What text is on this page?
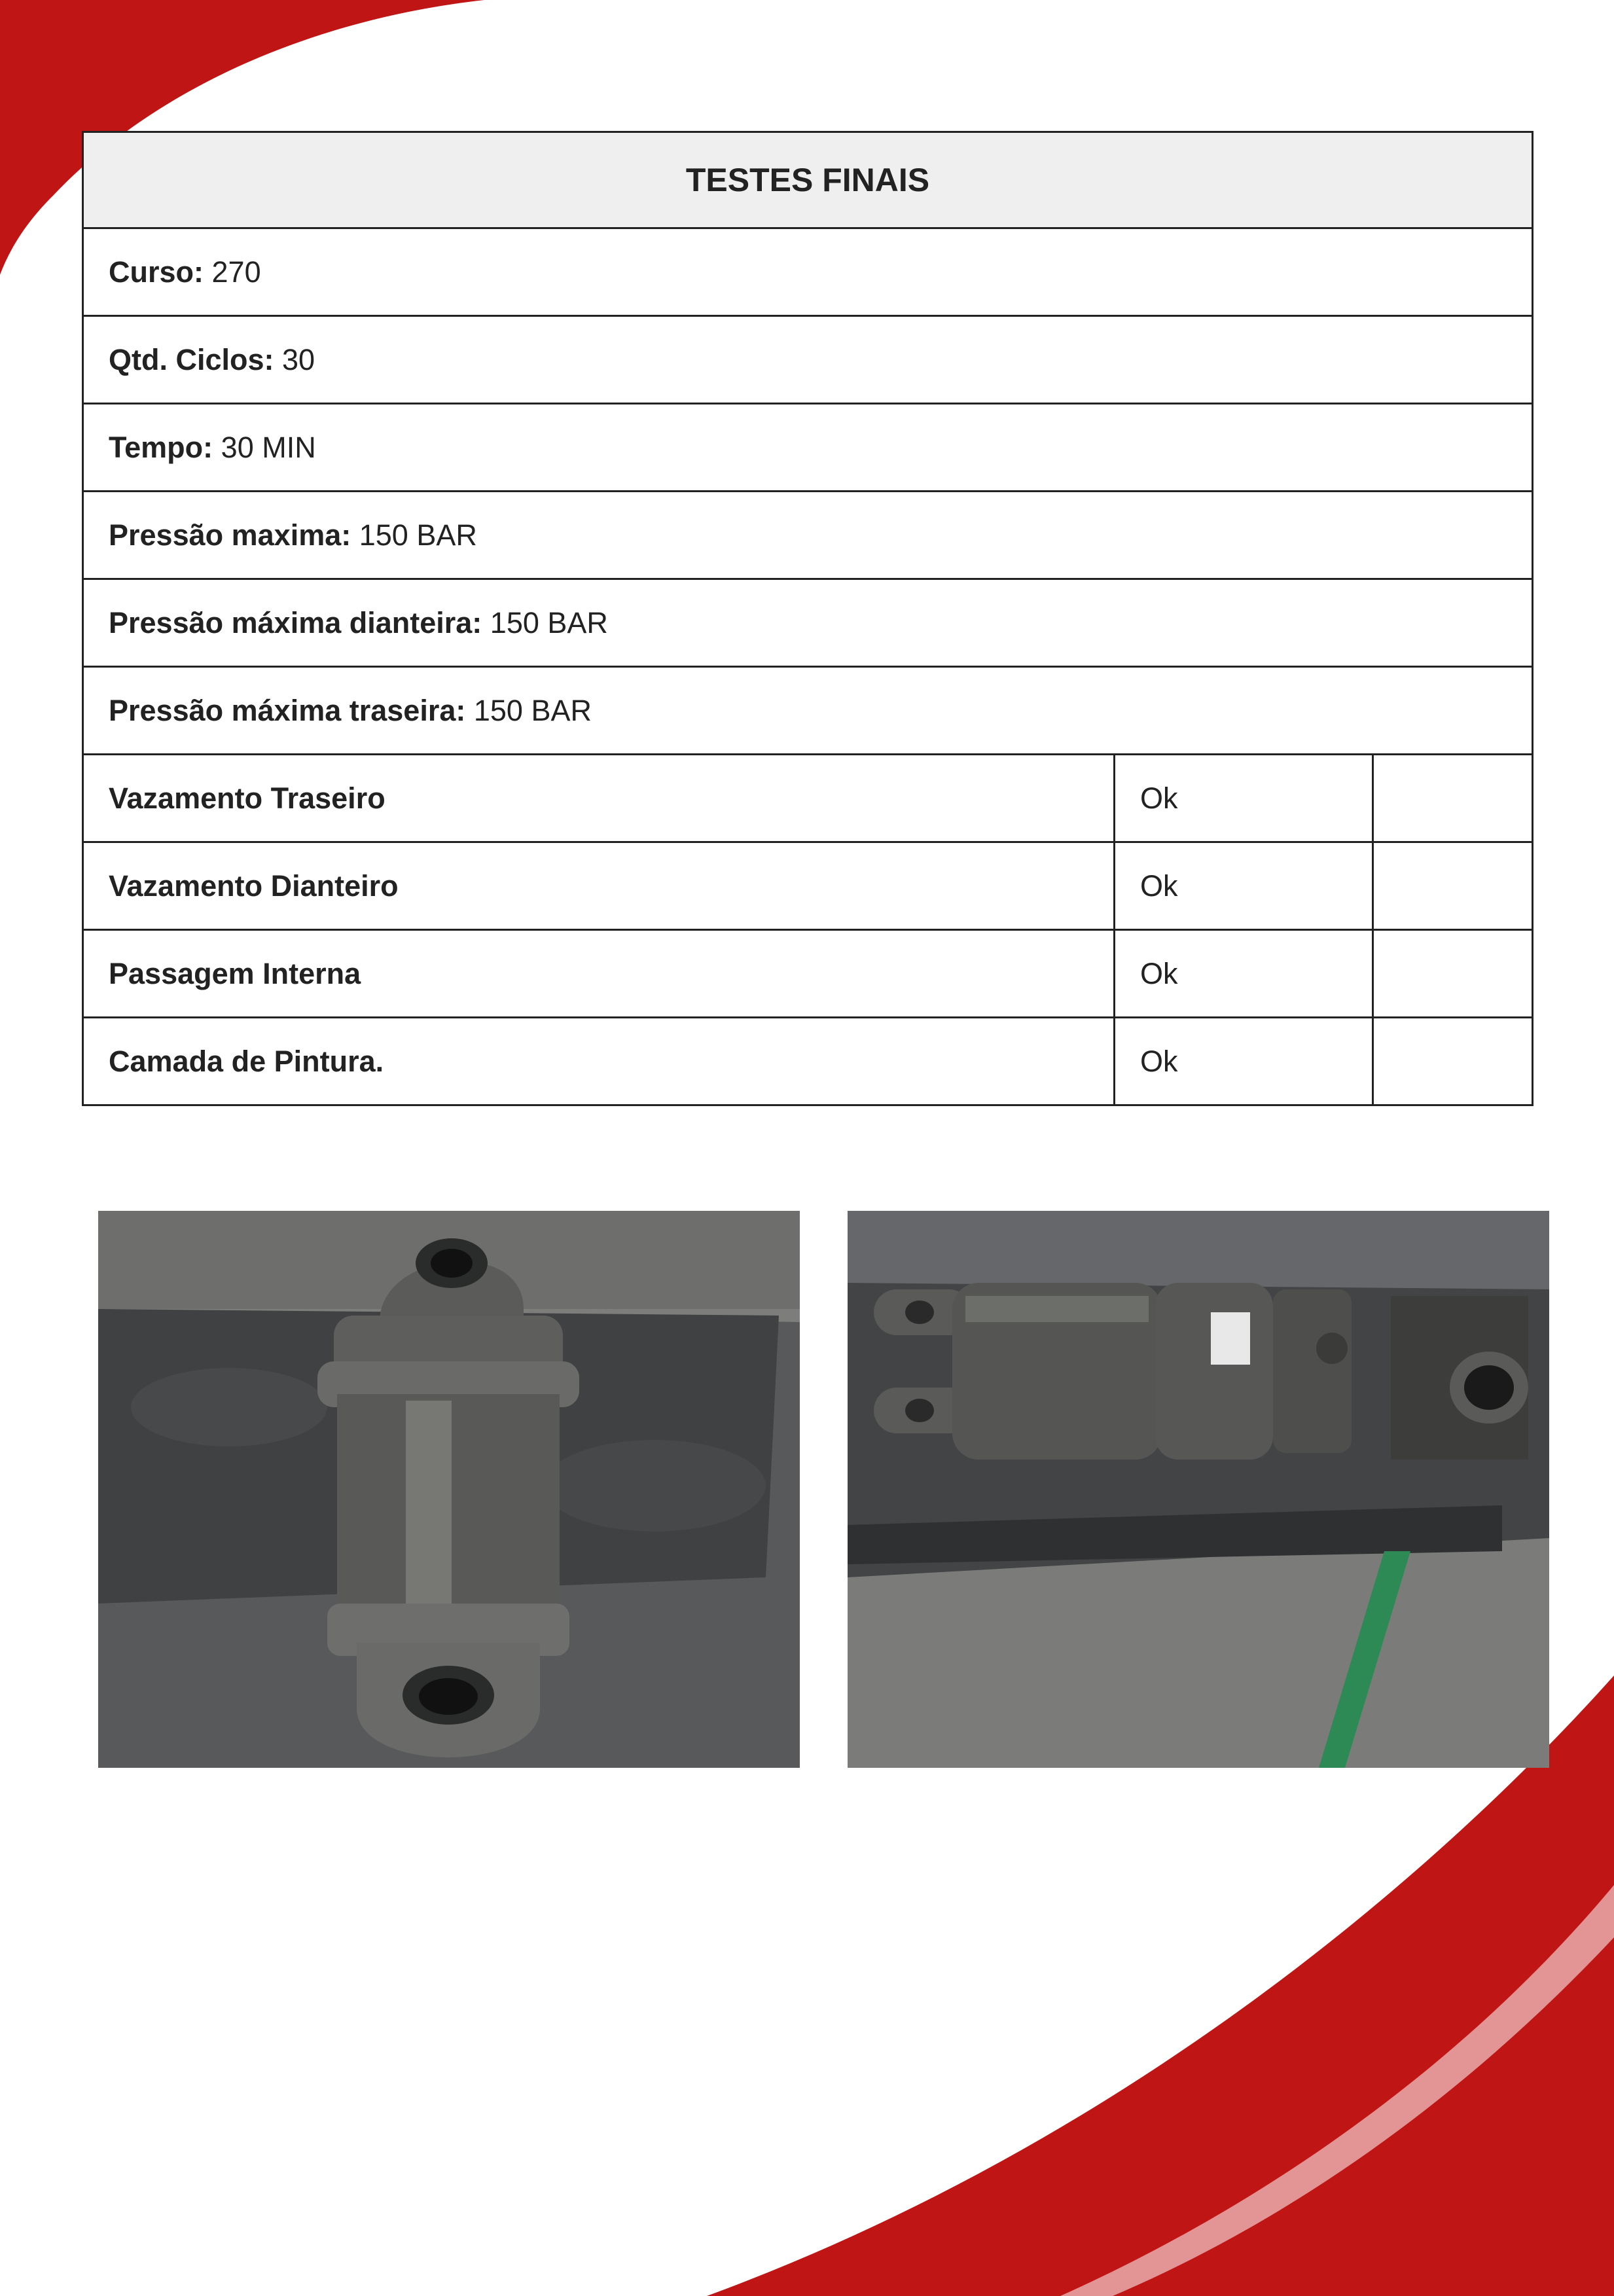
TESTES FINAIS		
Curso: 270		
Qtd. Ciclos: 30		
Tempo: 30 MIN		
Pressão maxima: 150 BAR		
Pressão máxima dianteira: 150 BAR		
Pressão máxima traseira: 150 BAR		
Vazamento Traseiro	Ok	
Vazamento Dianteiro	Ok	
Passagem Interna	Ok	
Camada de Pintura.	Ok	
